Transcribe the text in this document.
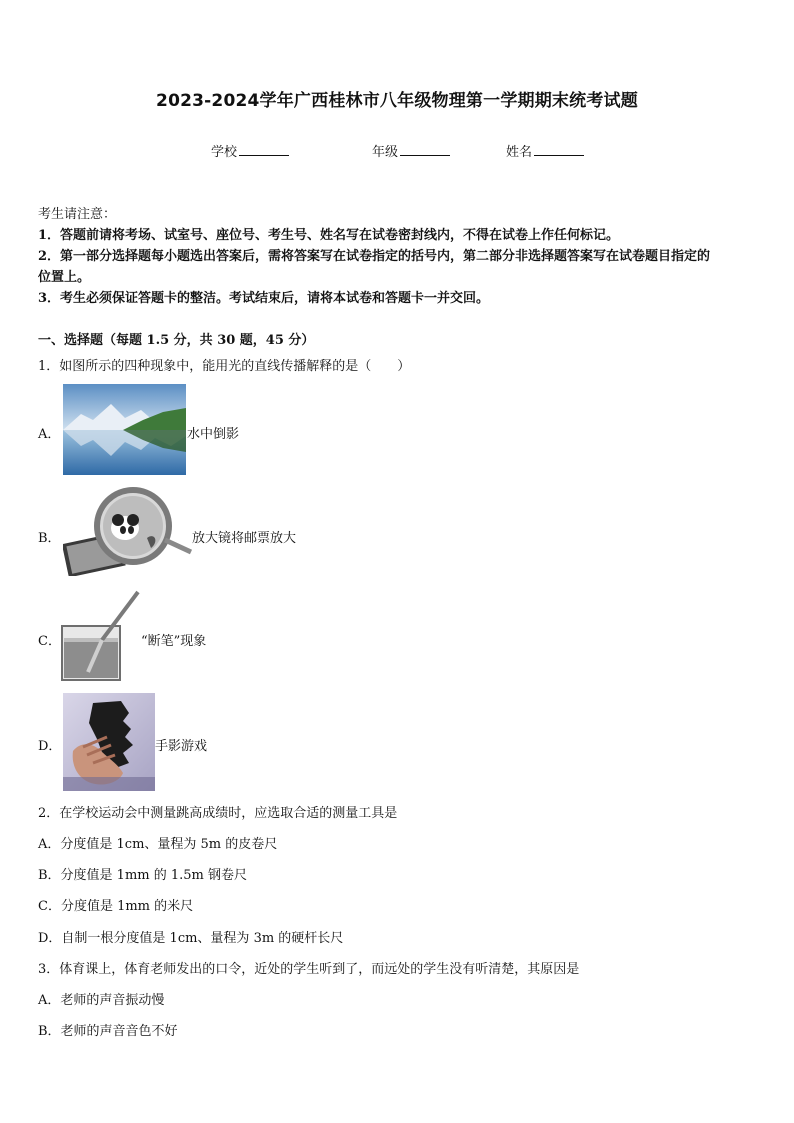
2023-2024学年广西桂林市八年级物理第一学期期末统考试题
学校	年级	姓名
考生请注意：
1．答题前请将考场、试室号、座位号、考生号、姓名写在试卷密封线内，不得在试卷上作任何标记。
2．第一部分选择题每小题选出答案后，需将答案写在试卷指定的括号内，第二部分非选择题答案写在试卷题目指定的
位置上。
3．考生必须保证答题卡的整洁。考试结束后，请将本试卷和答题卡一并交回。
一、选择题（每题 1.5 分，共 30 题，45 分）
1．如图所示的四种现象中，能用光的直线传播解释的是（　　）
A．	水中倒影
B．	放大镜将邮票放大
C．	“断笔”现象
D．	手影游戏
2．在学校运动会中测量跳高成绩时，应选取合适的测量工具是
A．分度值是 1cm、量程为 5m 的皮卷尺
B．分度值是 1mm 的 1.5m 钢卷尺
C．分度值是 1mm 的米尺
D．自制一根分度值是 1cm、量程为 3m 的硬杆长尺
3．体育课上，体育老师发出的口令，近处的学生听到了，而远处的学生没有听清楚，其原因是
A．老师的声音振动慢
B．老师的声音音色不好
